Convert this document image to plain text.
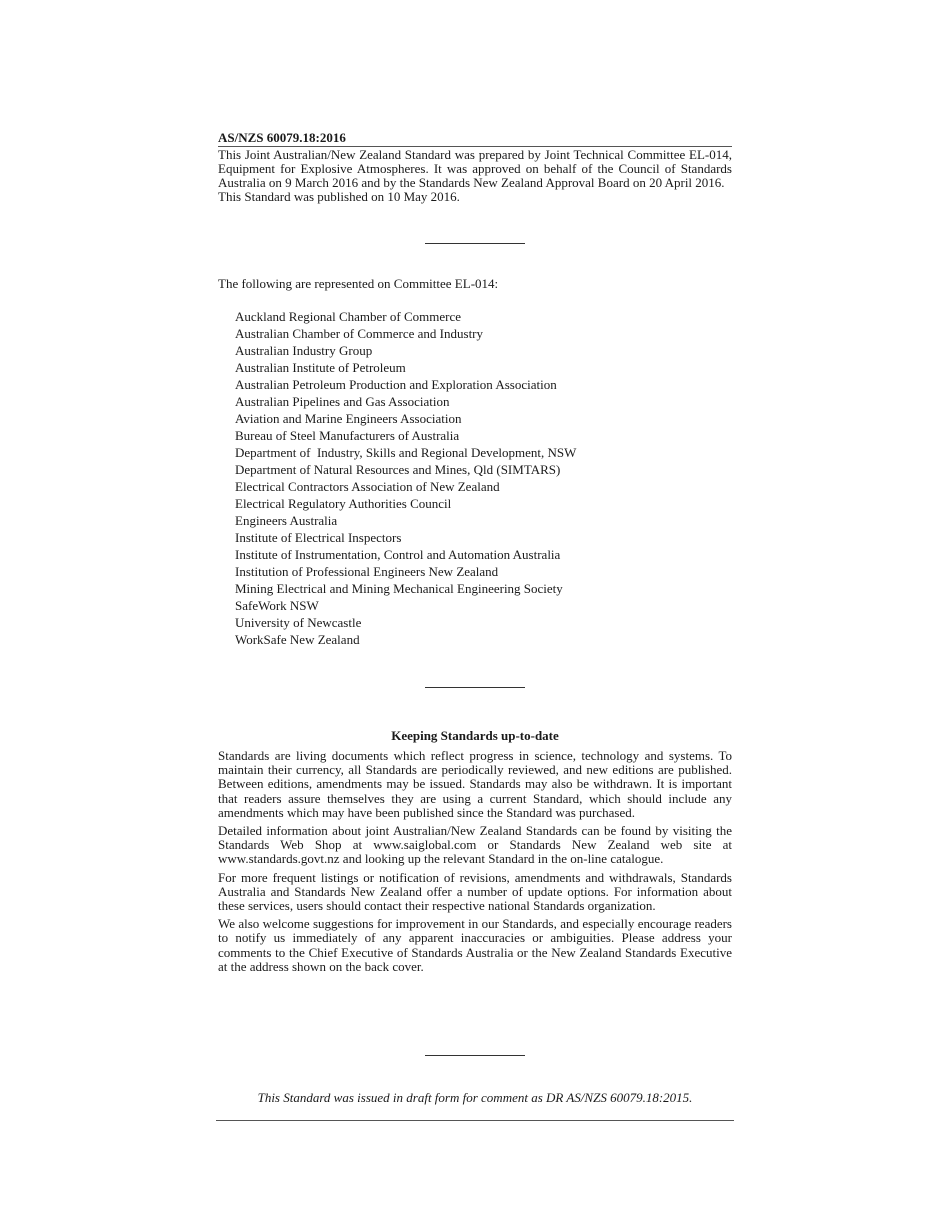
AS/NZS 60079.18:2016

This Joint Australian/New Zealand Standard was prepared by Joint Technical Committee EL-014, Equipment for Explosive Atmospheres. It was approved on behalf of the Council of Standards Australia on 9 March 2016 and by the Standards New Zealand Approval Board on 20 April 2016.

This Standard was published on 10 May 2016.

The following are represented on Committee EL-014:
Auckland Regional Chamber of Commerce
Australian Chamber of Commerce and Industry
Australian Industry Group
Australian Institute of Petroleum
Australian Petroleum Production and Exploration Association
Australian Pipelines and Gas Association
Aviation and Marine Engineers Association
Bureau of Steel Manufacturers of Australia
Department of  Industry, Skills and Regional Development, NSW
Department of Natural Resources and Mines, Qld (SIMTARS)
Electrical Contractors Association of New Zealand
Electrical Regulatory Authorities Council
Engineers Australia
Institute of Electrical Inspectors
Institute of Instrumentation, Control and Automation Australia
Institution of Professional Engineers New Zealand
Mining Electrical and Mining Mechanical Engineering Society
SafeWork NSW
University of Newcastle
WorkSafe New Zealand
Keeping Standards up-to-date

Standards are living documents which reflect progress in science, technology and systems. To maintain their currency, all Standards are periodically reviewed, and new editions are published. Between editions, amendments may be issued. Standards may also be withdrawn. It is important that readers assure themselves they are using a current Standard, which should include any amendments which may have been published since the Standard was purchased.

Detailed information about joint Australian/New Zealand Standards can be found by visiting the Standards Web Shop at www.saiglobal.com or Standards New Zealand web site at www.standards.govt.nz and looking up the relevant Standard in the on-line catalogue.

For more frequent listings or notification of revisions, amendments and withdrawals, Standards Australia and Standards New Zealand offer a number of update options. For information about these services, users should contact their respective national Standards organization.

We also welcome suggestions for improvement in our Standards, and especially encourage readers to notify us immediately of any apparent inaccuracies or ambiguities. Please address your comments to the Chief Executive of Standards Australia or the New Zealand Standards Executive at the address shown on the back cover.

This Standard was issued in draft form for comment as DR AS/NZS 60079.18:2015.
